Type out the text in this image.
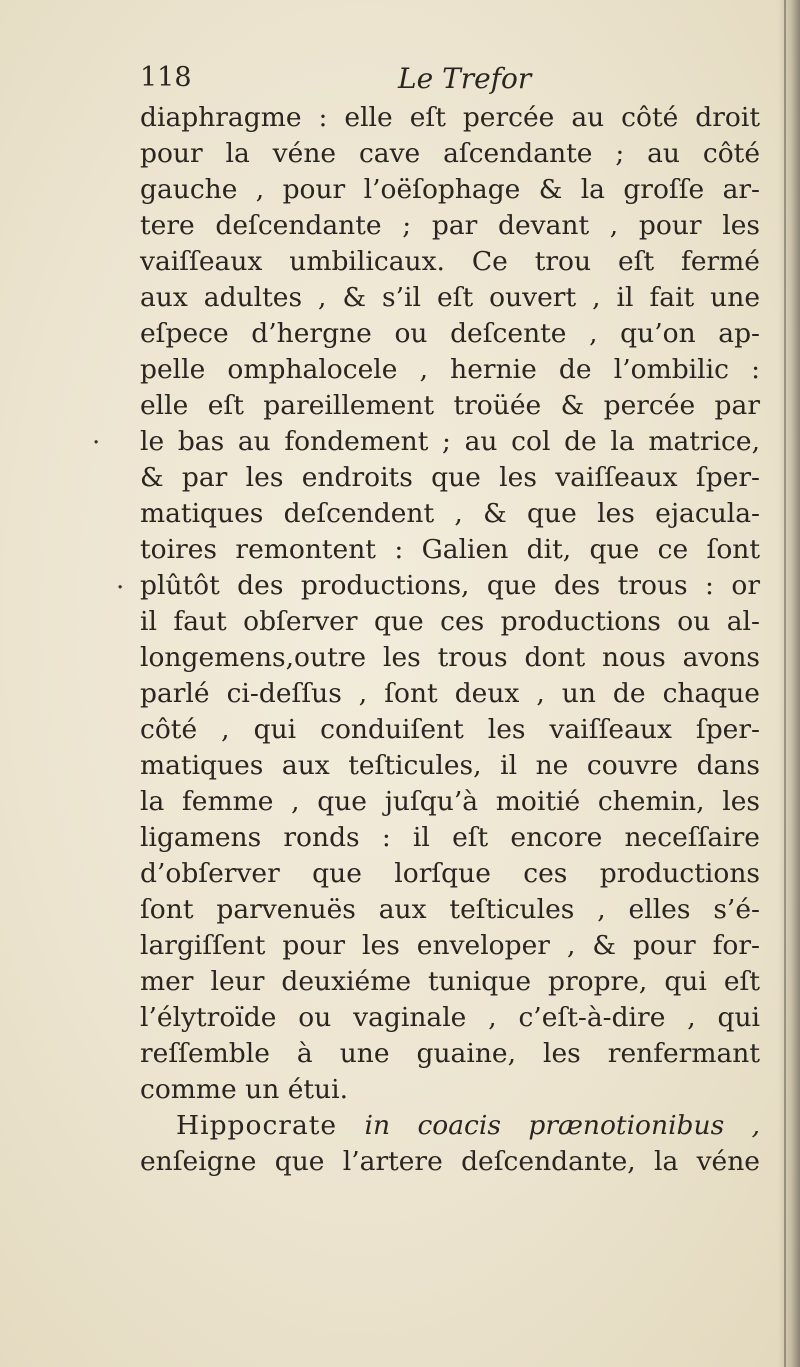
118	Le Trefor
diaphragme : elle eſt percée au côté droit
pour la véne cave aſcendante ; au côté
gauche , pour l’oëſophage & la groſſe ar-
tere deſcendante ; par devant , pour les
vaiſſeaux umbilicaux. Ce trou eſt fermé
aux adultes , & s’il eſt ouvert , il fait une
eſpece d’hergne ou deſcente , qu’on ap-
pelle omphalocele , hernie de l’ombilic :
elle eſt pareillement troüée & percée par
le bas au fondement ; au col de la matrice,
& par les endroits que les vaiſſeaux ſper-
matiques deſcendent , & que les ejacula-
toires remontent : Galien dit, que ce ſont
plûtôt des productions, que des trous : or
il faut obſerver que ces productions ou al-
longemens,outre les trous dont nous avons
parlé ci-deſſus , ſont deux , un de chaque
côté , qui conduiſent les vaiſſeaux ſper-
matiques aux teſticules, il ne couvre dans
la femme , que juſqu’à moitié chemin, les
ligamens ronds : il eſt encore neceſſaire
d’obſerver que lorſque ces productions
ſont parvenuës aux teſticules , elles s’é-
largiſſent pour les enveloper , & pour for-
mer leur deuxiéme tunique propre, qui eſt
l’élytroïde ou vaginale , c’eſt-à-dire , qui
reſſemble à une guaine, les renfermant
comme un étui.
Hippocrate in coacis prænotionibus ,
enſeigne que l’artere deſcendante, la véne
.
.
